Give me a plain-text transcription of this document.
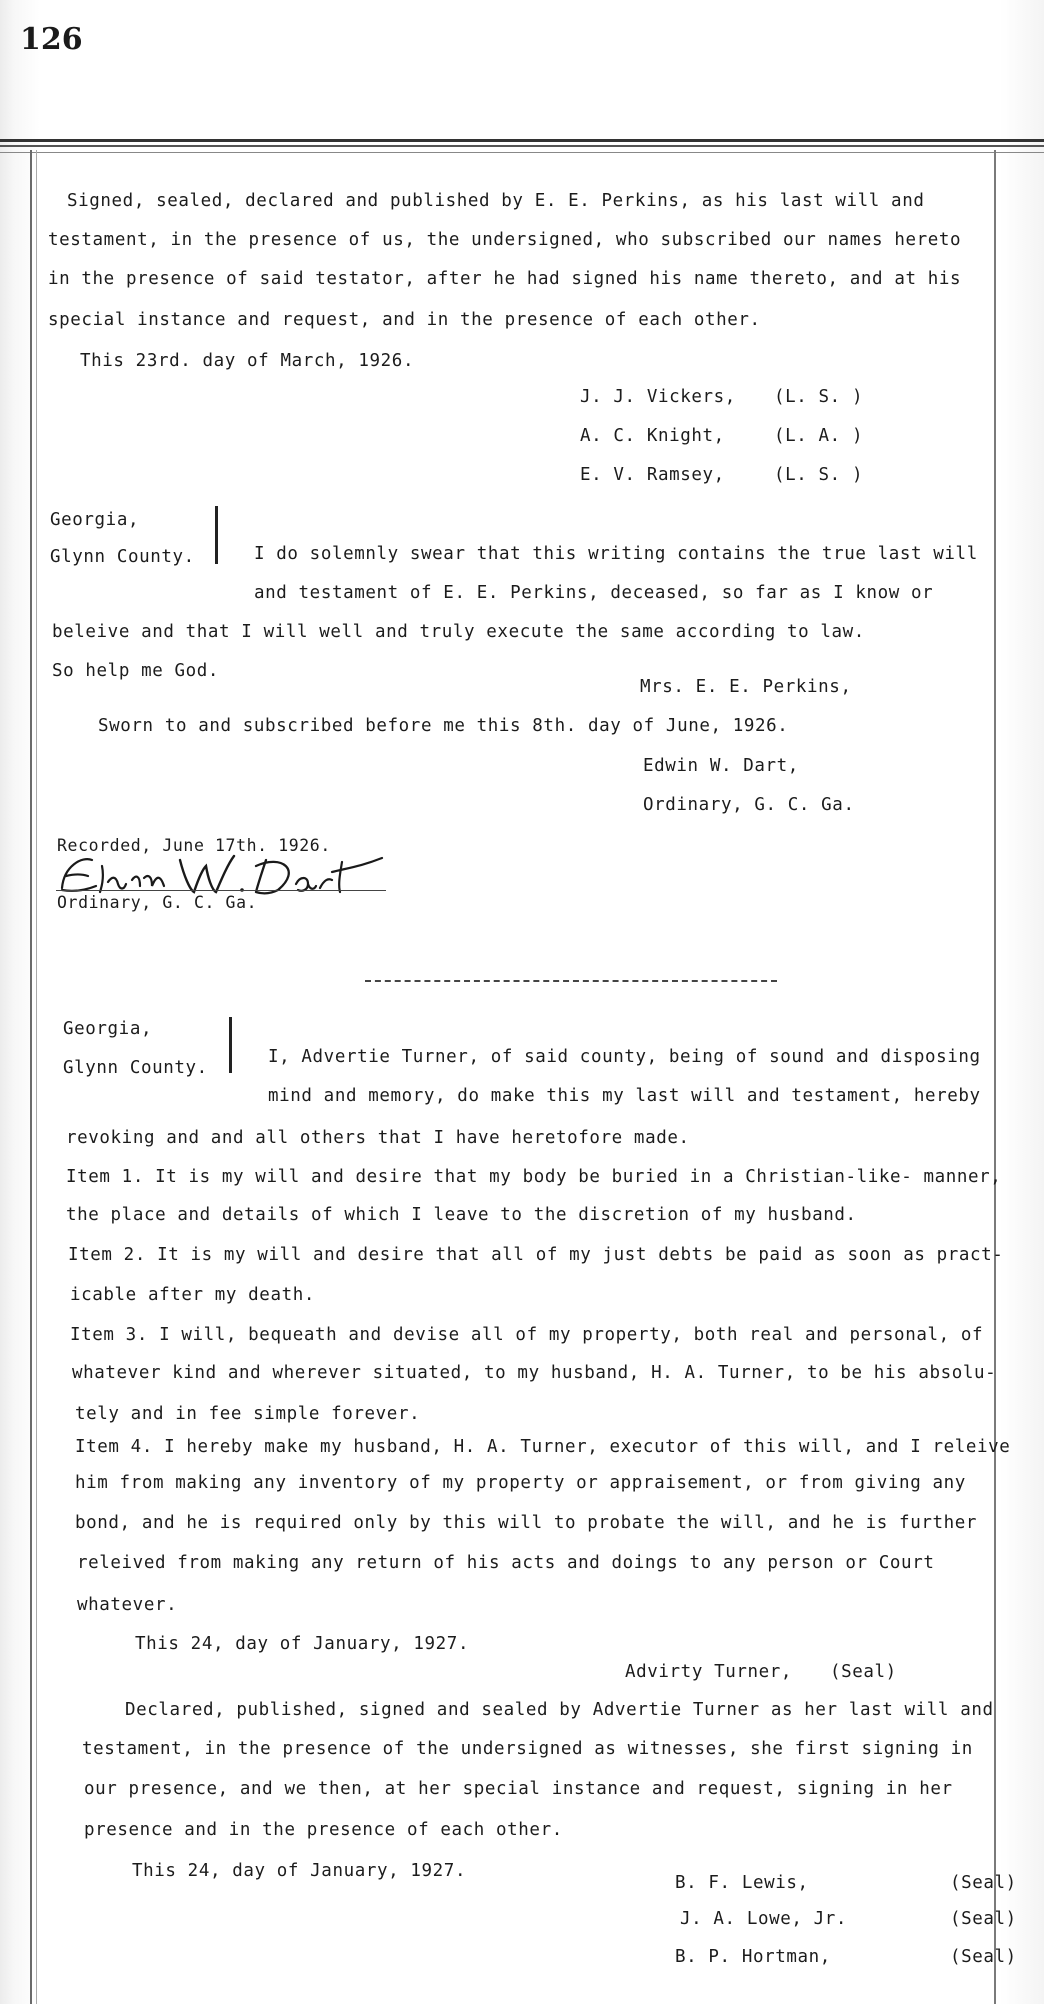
126
Signed, sealed, declared and published by E. E. Perkins, as his last will and
testament, in the presence of us, the undersigned, who subscribed our names hereto
in the presence of said testator, after he had signed his name thereto, and at his
special instance and request, and in the presence of each other.
This 23rd. day of March, 1926.
J. J. Vickers, (L. S. )
A. C. Knight,	(L. A. )
E. V. Ramsey,	(L. S. )
Georgia,
Glynn County.	I do solemnly swear that this writing contains the true last will
and testament of E. E. Perkins, deceased, so far as I know or
beleive and that I will well and truly execute the same according to law.
So help me God.
Mrs. E. E. Perkins,
Sworn to and subscribed before me this 8th. day of June, 1926.
Edwin W. Dart,
Ordinary, G. C. Ga.
Recorded, June 17th. 1926.
Ordinary, G. C. Ga.
Georgia,
Glynn County.
I, Advertie Turner, of said county, being of sound and disposing
mind and memory, do make this my last will and testament, hereby
revoking and and all others that I have heretofore made.
Item 1. It is my will and desire that my body be buried in a Christian-like- manner,
the place and details of which I leave to the discretion of my husband.
Item 2. It is my will and desire that all of my just debts be paid as soon as pract-
icable after my death.
Item 3. I will, bequeath and devise all of my property, both real and personal, of
whatever kind and wherever situated, to my husband, H. A. Turner, to be his absolu-
tely and in fee simple forever.
Item 4. I hereby make my husband, H. A. Turner, executor of this will, and I releive
him from making any inventory of my property or appraisement, or from giving any
bond, and he is required only by this will to probate the will, and he is further
releived from making any return of his acts and doings to any person or Court
whatever.
This 24, day of January, 1927.
Advirty Turner, (Seal)
Declared, published, signed and sealed by Advertie Turner as her last will and
testament, in the presence of the undersigned as witnesses, she first signing in
our presence, and we then, at her special instance and request, signing in her
presence and in the presence of each other.
This 24, day of January, 1927.
B. F. Lewis,	(Seal)
J. A. Lowe, Jr.	(Seal)
B. P. Hortman,	(Seal)
